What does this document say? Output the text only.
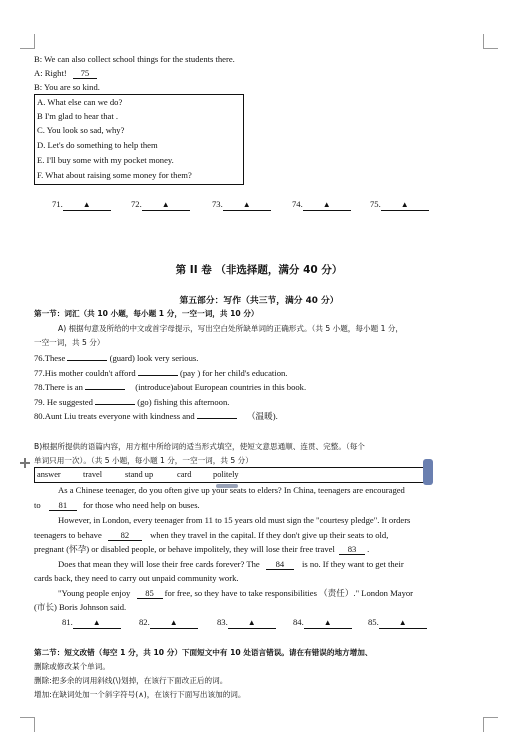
B: We can also collect school things for the students there.
A: Right! 75
B: You are so kind.
A. What else can we do?
B I'm glad to hear that .
C. You look so sad, why?
D. Let's do something to help them
E. I'll buy some with my pocket money.
F. What about raising some money for them?
71.	▲	72.	▲	73.	▲	74.	▲	75.	▲
第 II 卷 （非选择题，满分 40 分）
第五部分：写作（共三节，满分 40 分）
第一节：词汇（共 10 小题，每小题 1 分，一空一词，共 10 分）
A) 根据句意及所给的中文或首字母提示，写出空白处所缺单词的正确形式。（共 5 小题，每小题 1 分，
一空一词，共 5 分）
76.These	(guard) look very serious.
77.His mother couldn't afford	(pay ) for her child's education.
78.There is an	(introduce)about European countries in this book.
79. He suggested	(go) fishing this afternoon.
80.Aunt Liu treats everyone with kindness and	（温暖).
B)根据所提供的语篇内容，用方框中所给词的适当形式填空，使短文意思通顺、连贯、完整。（每个
单词只用一次）。（共 5 小题，每小题 1 分，一空一词，共 5 分）
answer	travel	stand up	card	politely
As a Chinese teenager, do you often give up your seats to elders? In China, teenagers are encouraged
to 81 for those who need help on buses.
However, in London, every teenager from 11 to 15 years old must sign the "courtesy pledge". It orders
teenagers to behave 82 when they travel in the capital. If they don't give up their seats to old,
pregnant (怀孕) or disabled people, or behave impolitely, they will lose their free travel 83 .
Does that mean they will lose their free cards forever? The 84 is no. If they want to get their
cards back, they need to carry out unpaid community work.
"Young people enjoy 85 for free, so they have to take responsibilities （责任）." London Mayor
(市长) Boris Johnson said.
81.	▲	82.	▲	83.	▲	84.	▲	85.	▲
第二节：短文改错（每空 1 分，共 10 分）下面短文中有 10 处语言错误。请在有错误的地方增加、
删除或修改某个单词。
删除:把多余的词用斜线(\)划掉，在该行下面改正后的词。
增加:在缺词处加一个斜字符号(∧)，在该行下面写出该加的词。
